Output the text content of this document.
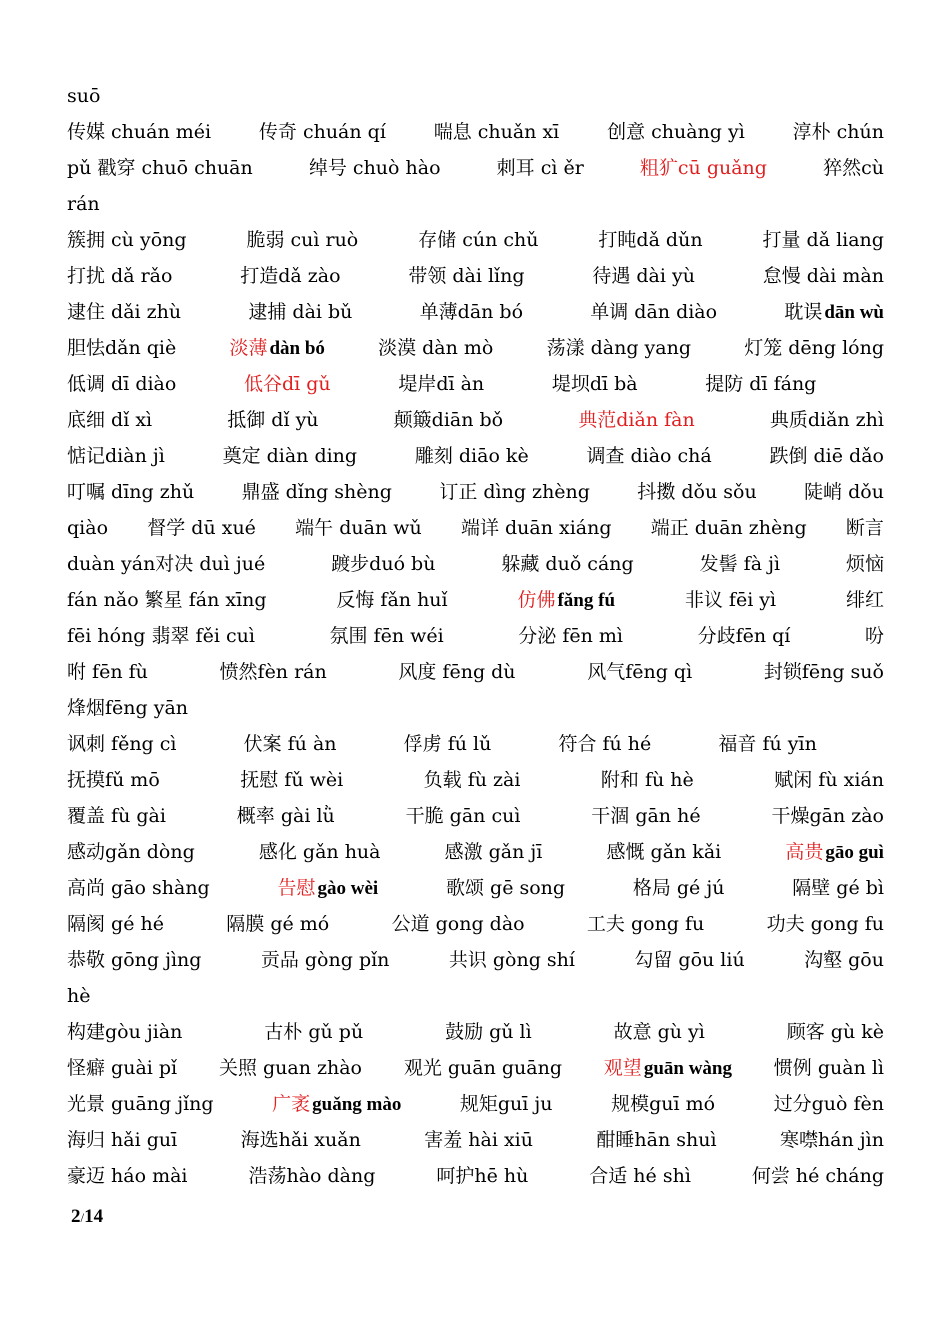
suō
传媒 chuán méi	传奇 chuán qí	喘息 chuǎn xī	创意 chuàng yì	淳朴 chún
pǔ 戳穿 chuō chuān	绰号 chuò hào	刺耳 cì ěr	粗犷cū guǎng	猝然cù
rán
簇拥 cù yōng	脆弱 cuì ruò	存储 cún chǔ	打盹dǎ dǔn	打量 dǎ liang
打扰 dǎ rǎo	打造dǎ zào	带领 dài lǐng	待遇 dài yù	怠慢 dài màn
逮住 dǎi zhù	逮捕 dài bǔ	单薄dān bó	单调 dān diào	耽误 dān wù
胆怯dǎn qiè	淡薄 dàn bó	淡漠 dàn mò	荡漾 dàng yang	灯笼 dēng lóng
低调 dī diào	低谷dī gǔ	堤岸dī àn	堤坝dī bà	提防 dī fáng
底细 dǐ xì	抵御 dǐ yù	颠簸diān bǒ	典范diǎn fàn	典质diǎn zhì
惦记diàn jì	奠定 diàn ding	雕刻 diāo kè	调查 diào chá	跌倒 diē dǎo
叮嘱 dīng zhǔ 鼎盛 dǐng shèng 订正 dìng zhèng 抖擞 dǒu sǒu 陡峭 dǒu
qiào 督学 dū xué 端午 duān wǔ 端详 duān xiáng 端正 duān zhèng 断言
duàn yán对决 duì jué	踱步duó bù	躲藏 duǒ cáng	发髻 fà jì	烦恼
fán nǎo 繁星 fán xīng	反悔 fǎn huǐ	仿佛 fǎng fú	非议 fēi yì	绯红
fēi hóng 翡翠 fěi cuì	氛围 fēn wéi	分泌 fēn mì	分歧fēn qí	吩
咐 fēn fù	愤然fèn rán	风度 fēng dù	风气fēng qì	封锁fēng suǒ
烽烟fēng yān
讽刺 fěng cì	伏案 fú àn	俘虏 fú lǔ	符合 fú hé	福音 fú yīn
抚摸fǔ mō	抚慰 fǔ wèi	负载 fù zài	附和 fù hè	赋闲 fù xián
覆盖 fù gài	概率 gài lǜ	干脆 gān cuì	干涸 gān hé	干燥gān zào
感动gǎn dòng	感化 gǎn huà	感激 gǎn jī	感慨 gǎn kǎi	高贵 gāo guì
高尚 gāo shàng	告慰 gào wèi	歌颂 gē song	格局 gé jú	隔壁 gé bì
隔阂 gé hé	隔膜 gé mó	公道 gong dào	工夫 gong fu	功夫 gong fu
恭敬 gōng jìng	贡品 gòng pǐn	共识 gòng shí	勾留 gōu liú	沟壑 gōu
hè
构建gòu jiàn	古朴 gǔ pǔ	鼓励 gǔ lì	故意 gù yì	顾客 gù kè
怪癖 guài pǐ 关照 guan zhào 观光 guān guāng 观望 guān wàng 惯例 guàn lì
光景 guāng jǐng	广袤 guǎng mào	规矩guī ju	规模guī mó	过分guò fèn
海归 hǎi guī	海选hǎi xuǎn	害羞 hài xiū	酣睡hān shuì	寒噤hán jìn
豪迈 háo mài	浩荡hào dàng	呵护hē hù	合适 hé shì	何尝 hé cháng
2/14
